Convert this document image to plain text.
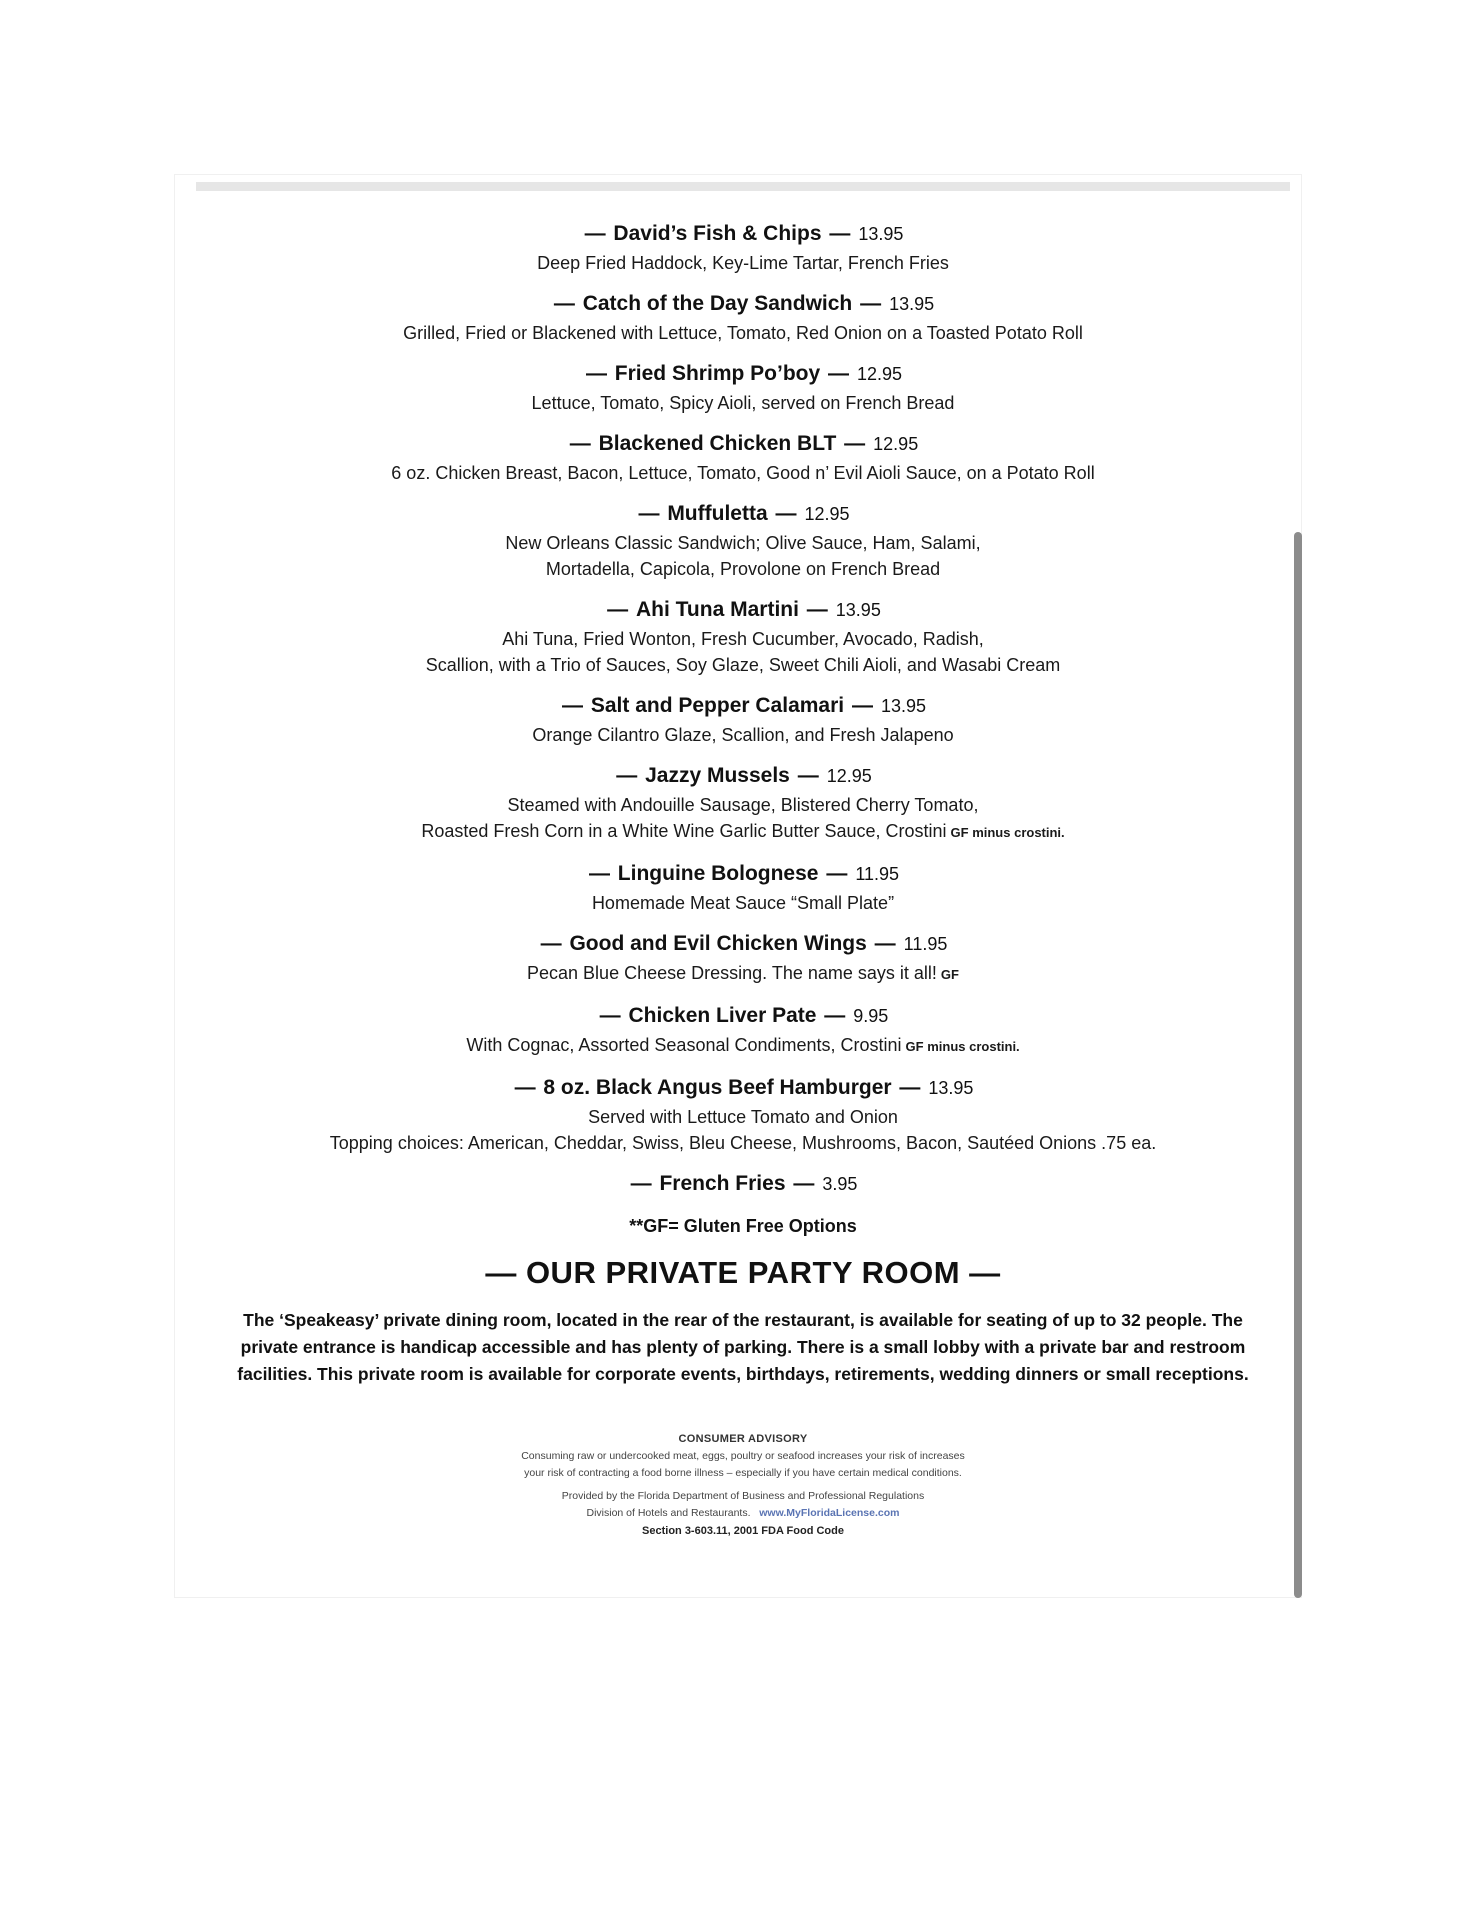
— David’s Fish & Chips — 13.95
Deep Fried Haddock, Key-Lime Tartar, French Fries
— Catch of the Day Sandwich — 13.95
Grilled, Fried or Blackened with Lettuce, Tomato, Red Onion on a Toasted Potato Roll
— Fried Shrimp Po’boy — 12.95
Lettuce, Tomato, Spicy Aioli, served on French Bread
— Blackened Chicken BLT — 12.95
6 oz. Chicken Breast, Bacon, Lettuce, Tomato, Good n’ Evil Aioli Sauce, on a Potato Roll
— Muffuletta — 12.95
New Orleans Classic Sandwich; Olive Sauce, Ham, Salami,
Mortadella, Capicola, Provolone on French Bread
— Ahi Tuna Martini — 13.95
Ahi Tuna, Fried Wonton, Fresh Cucumber, Avocado, Radish,
Scallion, with a Trio of Sauces, Soy Glaze, Sweet Chili Aioli, and Wasabi Cream
— Salt and Pepper Calamari — 13.95
Orange Cilantro Glaze, Scallion, and Fresh Jalapeno
— Jazzy Mussels — 12.95
Steamed with Andouille Sausage, Blistered Cherry Tomato,
Roasted Fresh Corn in a White Wine Garlic Butter Sauce, Crostini GF minus crostini.
— Linguine Bolognese — 11.95
Homemade Meat Sauce “Small Plate”
— Good and Evil Chicken Wings — 11.95
Pecan Blue Cheese Dressing. The name says it all! GF
— Chicken Liver Pate — 9.95
With Cognac, Assorted Seasonal Condiments, Crostini GF minus crostini.
— 8 oz. Black Angus Beef Hamburger — 13.95
Served with Lettuce Tomato and Onion
Topping choices: American, Cheddar, Swiss, Bleu Cheese, Mushrooms, Bacon, Sautéed Onions .75 ea.
— French Fries — 3.95
**GF= Gluten Free Options
— OUR PRIVATE PARTY ROOM —
The ‘Speakeasy’ private dining room, located in the rear of the restaurant, is available for seating of up to 32 people. The private entrance is handicap accessible and has plenty of parking. There is a small lobby with a private bar and restroom facilities. This private room is available for corporate events, birthdays, retirements, wedding dinners or small receptions.
CONSUMER ADVISORY
Consuming raw or undercooked meat, eggs, poultry or seafood increases your risk of increases
your risk of contracting a food borne illness – especially if you have certain medical conditions.
Provided by the Florida Department of Business and Professional Regulations
Division of Hotels and Restaurants. www.MyFloridaLicense.com
Section 3-603.11, 2001 FDA Food Code
